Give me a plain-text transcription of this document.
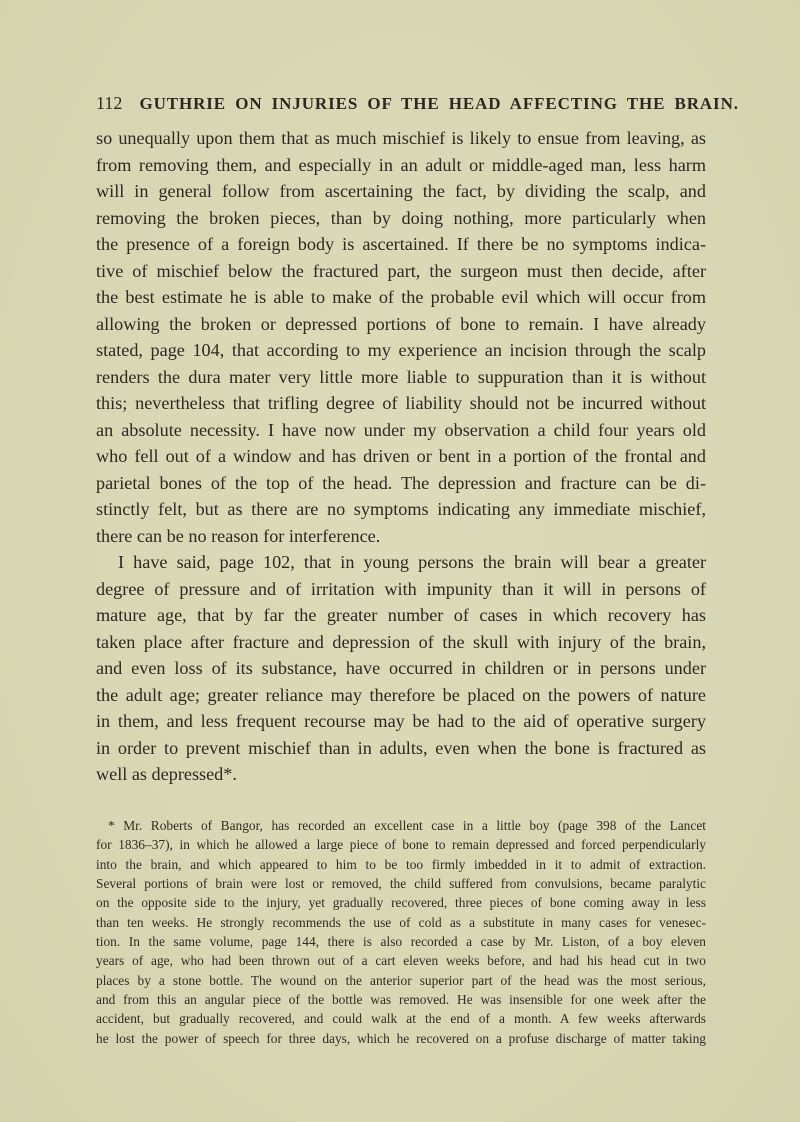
112 GUTHRIE ON INJURIES OF THE HEAD AFFECTING THE BRAIN.
so unequally upon them that as much mischief is likely to ensue from leaving, as
from removing them, and especially in an adult or middle-aged man, less harm
will in general follow from ascertaining the fact, by dividing the scalp, and
removing the broken pieces, than by doing nothing, more particularly when
the presence of a foreign body is ascertained. If there be no symptoms indica-
tive of mischief below the fractured part, the surgeon must then decide, after
the best estimate he is able to make of the probable evil which will occur from
allowing the broken or depressed portions of bone to remain. I have already
stated, page 104, that according to my experience an incision through the scalp
renders the dura mater very little more liable to suppuration than it is without
this; nevertheless that trifling degree of liability should not be incurred without
an absolute necessity. I have now under my observation a child four years old
who fell out of a window and has driven or bent in a portion of the frontal and
parietal bones of the top of the head. The depression and fracture can be di-
stinctly felt, but as there are no symptoms indicating any immediate mischief,
there can be no reason for interference.
I have said, page 102, that in young persons the brain will bear a greater
degree of pressure and of irritation with impunity than it will in persons of
mature age, that by far the greater number of cases in which recovery has
taken place after fracture and depression of the skull with injury of the brain,
and even loss of its substance, have occurred in children or in persons under
the adult age; greater reliance may therefore be placed on the powers of nature
in them, and less frequent recourse may be had to the aid of operative surgery
in order to prevent mischief than in adults, even when the bone is fractured as
well as depressed*.
* Mr. Roberts of Bangor, has recorded an excellent case in a little boy (page 398 of the Lancet
for 1836–37), in which he allowed a large piece of bone to remain depressed and forced perpendicularly
into the brain, and which appeared to him to be too firmly imbedded in it to admit of extraction.
Several portions of brain were lost or removed, the child suffered from convulsions, became paralytic
on the opposite side to the injury, yet gradually recovered, three pieces of bone coming away in less
than ten weeks. He strongly recommends the use of cold as a substitute in many cases for venesec-
tion. In the same volume, page 144, there is also recorded a case by Mr. Liston, of a boy eleven
years of age, who had been thrown out of a cart eleven weeks before, and had his head cut in two
places by a stone bottle. The wound on the anterior superior part of the head was the most serious,
and from this an angular piece of the bottle was removed. He was insensible for one week after the
accident, but gradually recovered, and could walk at the end of a month. A few weeks afterwards
he lost the power of speech for three days, which he recovered on a profuse discharge of matter taking
